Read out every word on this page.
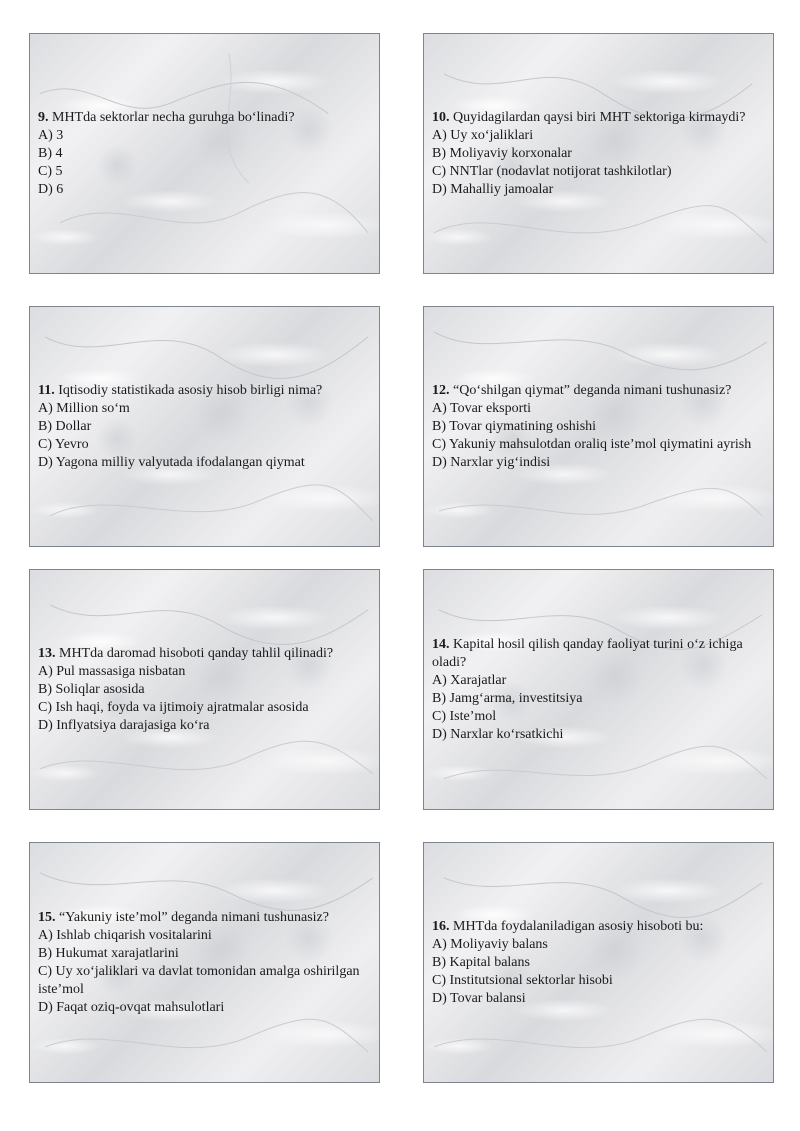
9. MHTda sektorlar necha guruhga bo‘linadi?
A) 3
B) 4
C) 5
D) 6
10. Quyidagilardan qaysi biri MHT sektoriga kirmaydi?
A) Uy xo‘jaliklari
B) Moliyaviy korxonalar
C) NNTlar (nodavlat notijorat tashkilotlar)
D) Mahalliy jamoalar
11. Iqtisodiy statistikada asosiy hisob birligi nima?
A) Million so‘m
B) Dollar
C) Yevro
D) Yagona milliy valyutada ifodalangan qiymat
12. “Qo‘shilgan qiymat” deganda nimani tushunasiz?
A) Tovar eksporti
B) Tovar qiymatining oshishi
C) Yakuniy mahsulotdan oraliq iste’mol qiymatini ayrish
D) Narxlar yig‘indisi
13. MHTda daromad hisoboti qanday tahlil qilinadi?
A) Pul massasiga nisbatan
B) Soliqlar asosida
C) Ish haqi, foyda va ijtimoiy ajratmalar asosida
D) Inflyatsiya darajasiga ko‘ra
14. Kapital hosil qilish qanday faoliyat turini o‘z ichiga oladi?
A) Xarajatlar
B) Jamg‘arma, investitsiya
C) Iste’mol
D) Narxlar ko‘rsatkichi
15. “Yakuniy iste’mol” deganda nimani tushunasiz?
A) Ishlab chiqarish vositalarini
B) Hukumat xarajatlarini
C) Uy xo‘jaliklari va davlat tomonidan amalga oshirilgan iste’mol
D) Faqat oziq-ovqat mahsulotlari
16. MHTda foydalaniladigan asosiy hisoboti bu:
A) Moliyaviy balans
B) Kapital balans
C) Institutsional sektorlar hisobi
D) Tovar balansi
